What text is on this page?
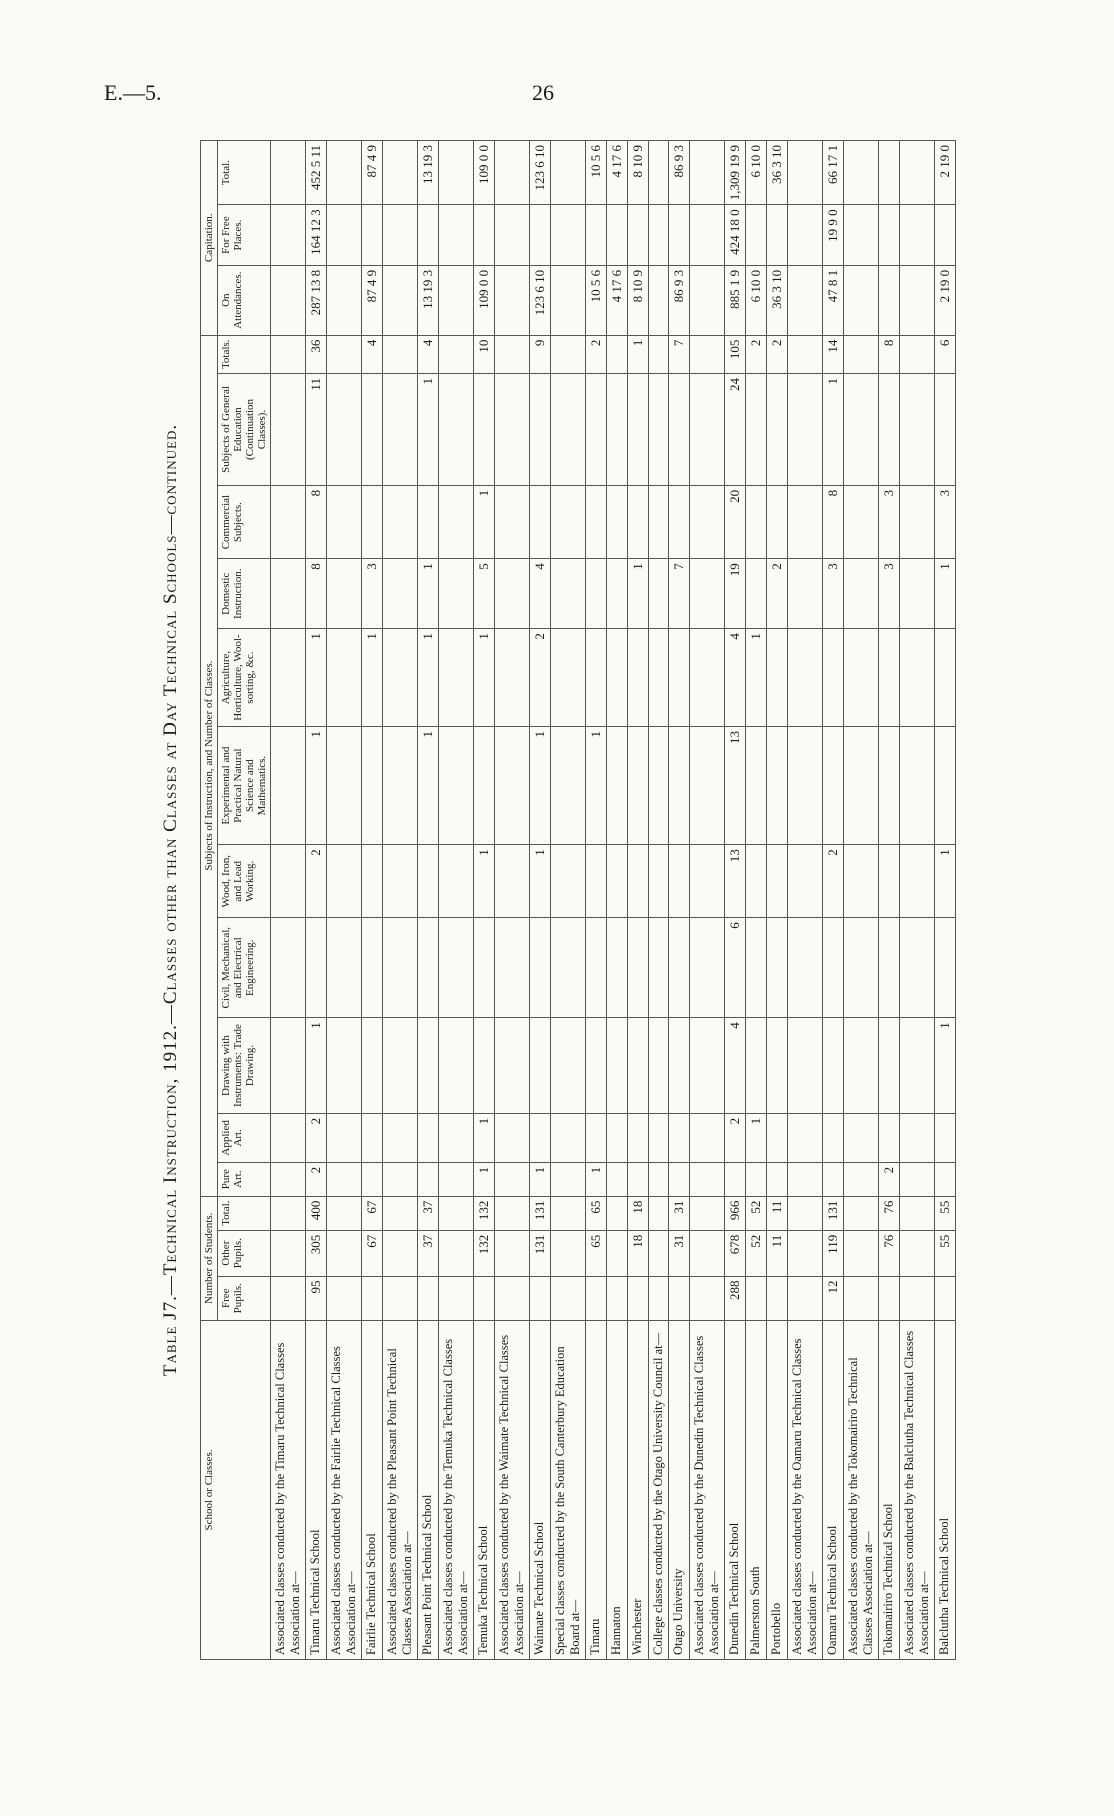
E.—5.	26
Table J7.—Technical Instruction, 1912.—Classes other than Classes at Day Technical Schools—continued.
School or Classes.	Number of Students.			Subjects of Instruction, and Number of Classes.											Capitation.		
	Free Pupils.	Other Pupils.	Total.	Pure Art.	Applied Art.	Drawing with Instruments: Trade Drawing.	Civil, Mechanical, and Electrical Engineering.	Wood, Iron, and Lead Working.	Experimental and Practical Natural Science and Mathematics.	Agriculture, Horticulture, Wool-sorting, &c.	Domestic Instruction.	Commercial Subjects.	Subjects of General Education (Continuation Classes).	Totals.	On Attendances.	For Free Places.	Total.
Associated classes conducted by the Timaru Technical Classes Association at—																	
Timaru Technical School	95	305	400	2	2	1		2	1	1	8	8	11	36	287 13 8	164 12 3	452 5 11
Associated classes conducted by the Fairlie Technical Classes Association at—																	
Fairlie Technical School		67	67							1	3			4	87 4 9		87 4 9
Associated classes conducted by the Pleasant Point Technical Classes Association at—																	
Pleasant Point Technical School		37	37						1	1	1		1	4	13 19 3		13 19 3
Associated classes conducted by the Temuka Technical Classes Association at—																	
Temuka Technical School		132	132	1	1			1		1	5	1		10	109 0 0		109 0 0
Associated classes conducted by the Waimate Technical Classes Association at—																	
Waimate Technical School		131	131	1				1	1	2	4			9	123 6 10		123 6 10
Special classes conducted by the South Canterbury Education Board at—																	
Timaru		65	65	1					1					2	10 5 6		10 5 6
Hannaton															4 17 6		4 17 6
Winchester		18	18								1			1	8 10 9		8 10 9
College classes conducted by the Otago University Council at—																	
Otago University		31	31								7			7	86 9 3		86 9 3
Associated classes conducted by the Dunedin Technical Classes Association at—																	
Dunedin Technical School	288	678	966		2	4	6	13	13	4	19	20	24	105	885 1 9	424 18 0	1,309 19 9
Palmerston South		52	52		1					1				2	6 10 0		6 10 0
Portobello		11	11								2			2	36 3 10		36 3 10
Associated classes conducted by the Oamaru Technical Classes Association at—																	
Oamaru Technical School	12	119	131					2			3	8	1	14	47 8 1	19 9 0	66 17 1
Associated classes conducted by the Tokomairiro Technical Classes Association at—																	
Tokomairiro Technical School		76	76	2							3	3		8			
Associated classes conducted by the Balclutha Technical Classes Association at—																	
Balclutha Technical School		55	55			1		1			1	3		6	2 19 0		2 19 0
